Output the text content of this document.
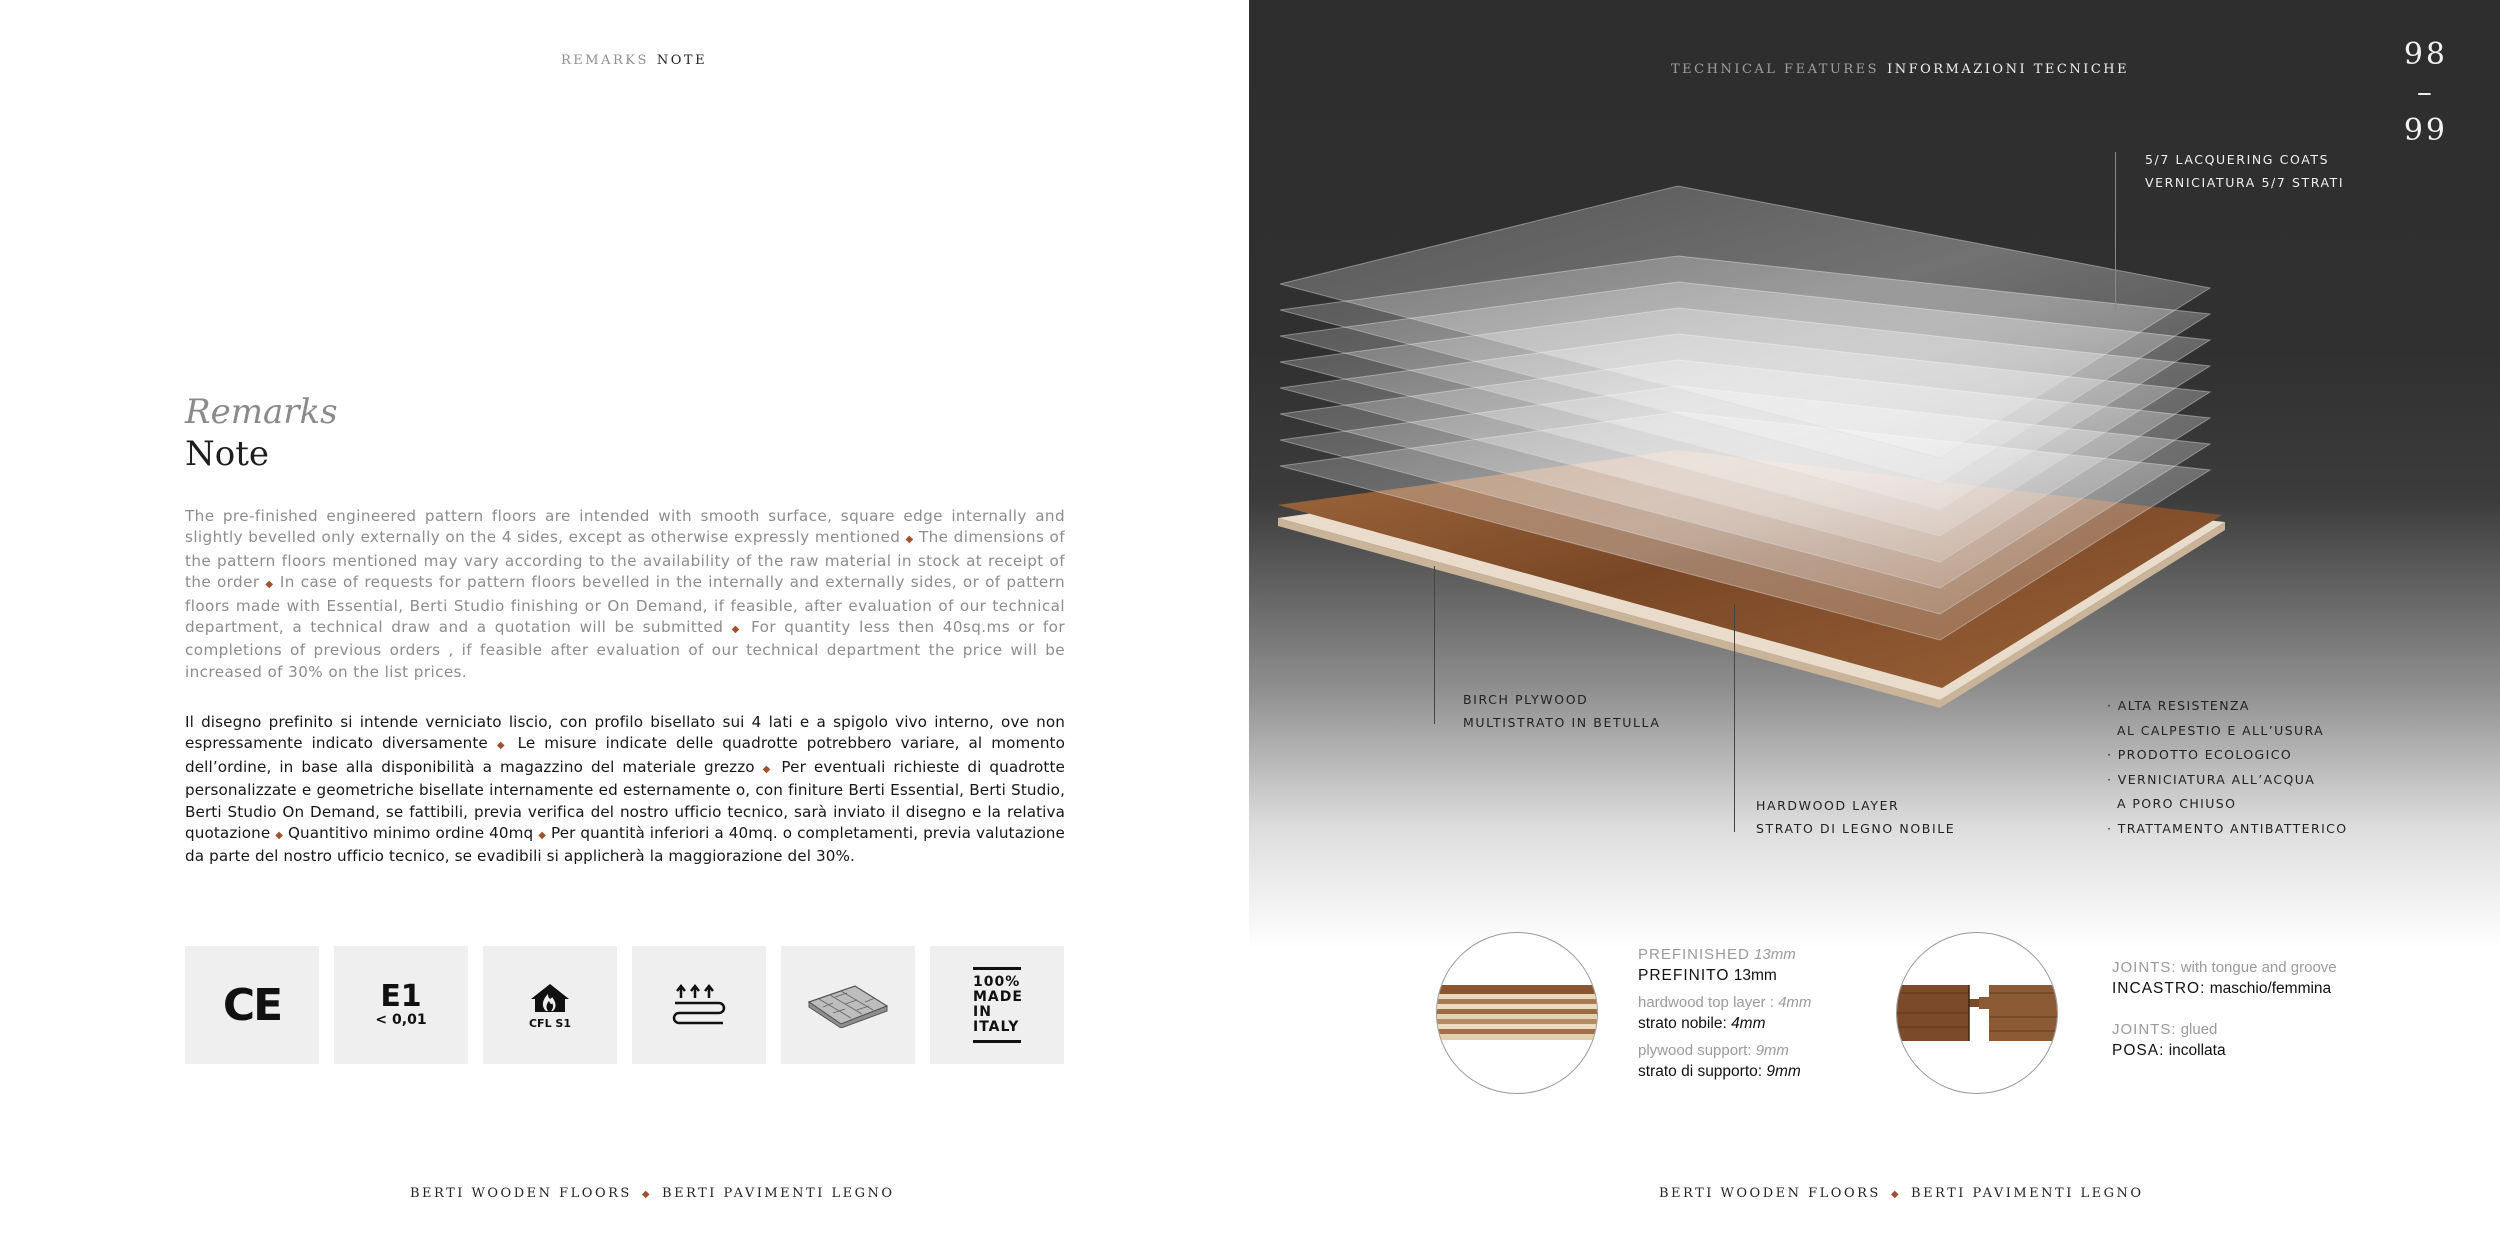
REMARKS NOTE
Remarks
Note
The pre-finished engineered pattern floors are intended with smooth surface, square edge internally and slightly bevelled only externally on the 4 sides, except as otherwise expressly mentioned ◆ The dimensions of the pattern floors mentioned may vary according to the availability of the raw material in stock at receipt of the order ◆ In case of requests for pattern floors bevelled in the internally and externally sides, or of pattern floors made with Essential, Berti Studio finishing or On Demand, if feasible, after evaluation of our technical department, a technical draw and a quotation will be submitted ◆ For quantity less then 40sq.ms or for completions of previous orders , if feasible after evaluation of our technical department the price will be increased of 30% on the list prices.
Il disegno prefinito si intende verniciato liscio, con profilo bisellato sui 4 lati e a spigolo vivo interno, ove non espressamente indicato diversamente ◆ Le misure indicate delle quadrotte potrebbero variare, al momento dell’ordine, in base alla disponibilità a magazzino del materiale grezzo ◆ Per eventuali richieste di quadrotte personalizzate e geometriche bisellate internamente ed esternamente o, con finiture Berti Essential, Berti Studio, Berti Studio On Demand, se fattibili, previa verifica del nostro ufficio tecnico, sarà inviato il disegno e la relativa quotazione ◆ Quantitivo minimo ordine 40mq ◆ Per quantità inferiori a 40mq. o completamenti, previa valutazione da parte del nostro ufficio tecnico, se evadibili si applicherà la maggiorazione del 30%.
CE	E1
< 0,01	CFL S1
100%
MADE
IN
ITALY
BERTI WOODEN FLOORS ◆ BERTI PAVIMENTI LEGNO
TECHNICAL FEATURES INFORMAZIONI TECNICHE	98
–
99
5/7 LACQUERING COATS
VERNICIATURA 5/7 STRATI
BIRCH PLYWOOD
MULTISTRATO IN BETULLA
HARDWOOD LAYER
STRATO DI LEGNO NOBILE
PREFINISHED 13mm
PREFINITO 13mm
hardwood top layer : 4mm
strato nobile: 4mm
plywood support: 9mm
strato di supporto: 9mm
JOINTS: with tongue and groove
INCASTRO: maschio/femmina
JOINTS: glued
POSA: incollata
BERTI WOODEN FLOORS ◆ BERTI PAVIMENTI LEGNO
· ALTA RESISTENZA
AL CALPESTIO E ALL’USURA
· PRODOTTO ECOLOGICO
· VERNICIATURA ALL’ACQUA
A PORO CHIUSO
· TRATTAMENTO ANTIBATTERICO
